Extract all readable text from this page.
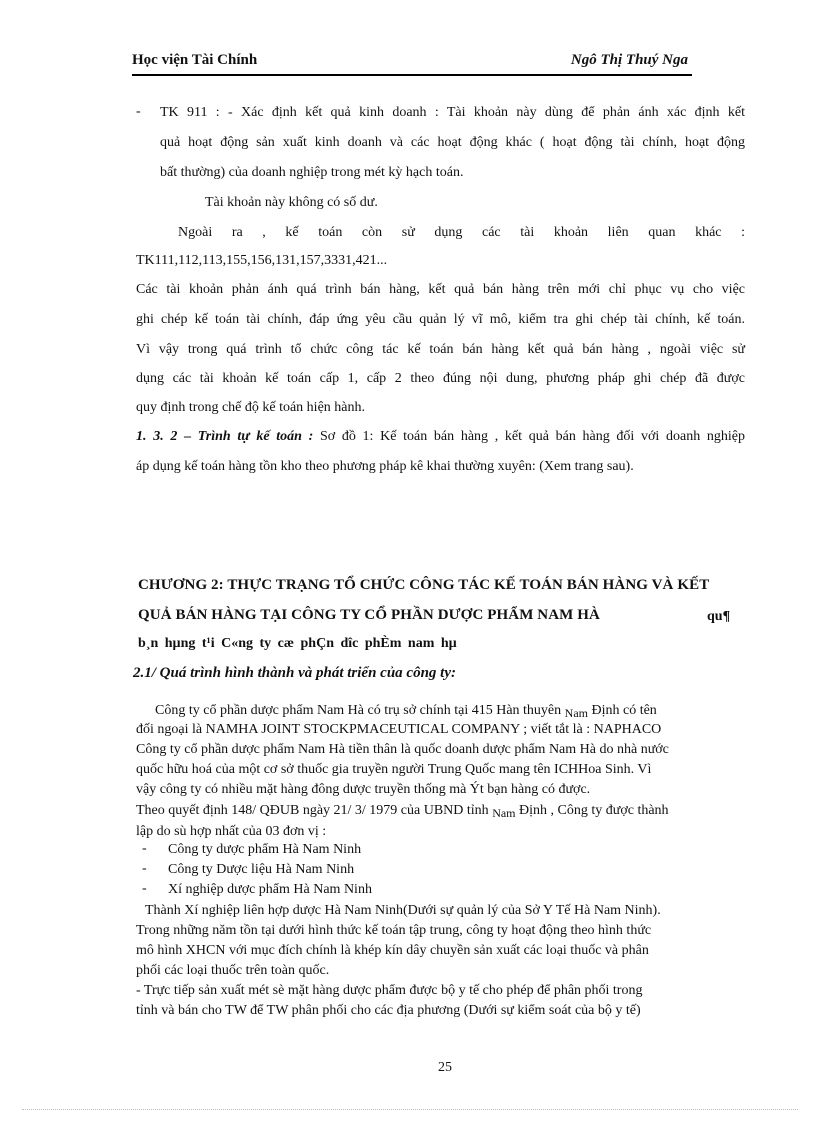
Học viện Tài Chính	Ngô Thị Thuý Nga
- TK 911 : - Xác định kết quả kinh doanh : Tài khoản này dùng để phản ánh xác định kết
quả hoạt động sản xuất kinh doanh và các hoạt động khác ( hoạt động tài chính, hoạt động
bất thường) của doanh nghiệp trong mét kỳ hạch toán.
Tài khoản này không có số dư.
Ngoài ra , kế toán còn sử dụng các tài khoản liên quan khác :
TK111,112,113,155,156,131,157,3331,421...
Các tài khoản phản ánh quá trình bán hàng, kết quả bán hàng trên mới chỉ phục vụ cho việc
ghi chép kế toán tài chính, đáp ứng yêu cầu quản lý vĩ mô, kiểm tra ghi chép tài chính, kế toán.
Vì vậy trong quá trình tổ chức công tác kế toán bán hàng kết quả bán hàng , ngoài việc sử
dụng các tài khoản kế toán cấp 1, cấp 2 theo đúng nội dung, phương pháp ghi chép đã được
quy định trong chế độ kế toán hiện hành.
1. 3. 2 – Trình tự kế toán : Sơ đồ 1: Kế toán bán hàng , kết quả bán hàng đối với doanh nghiệp
áp dụng kế toán hàng tồn kho theo phương pháp kê khai thường xuyên: (Xem trang sau).
CHƯƠNG 2: THỰC TRẠNG TỔ CHỨC CÔNG TÁC KẾ TOÁN BÁN HÀNG VÀ KẾT
QUẢ BÁN HÀNG TẠI CÔNG TY CỔ PHẦN DƯỢC PHẨM NAM HÀ	qu¶
b¸n hµng t¹i C«ng ty cæ phÇn dîc phÈm nam hµ
2.1/ Quá trình hình thành và phát triển của công ty:
Công ty cổ phần dược phẩm Nam Hà có trụ sở chính tại 415 Hàn thuyên Nam Định có tên
đối ngoại là NAMHA JOINT STOCKPMACEUTICAL COMPANY ; viết tắt là : NAPHACO
Công ty cổ phần dược phẩm Nam Hà tiền thân là quốc doanh dược phẩm Nam Hà do nhà nước
quốc hữu hoá của một cơ sở thuốc gia truyền người Trung Quốc mang tên ICHHoa Sinh. Vì
vậy công ty có nhiều mặt hàng đông dược truyền thống mà Ýt bạn hàng có được.
Theo quyết định 148/ QĐUB ngày 21/ 3/ 1979 của UBND tỉnh Nam Định , Công ty được thành
lập do sù hợp nhất của 03 đơn vị :
- Công ty dược phẩm Hà Nam Ninh
- Công ty Dược liệu Hà Nam Ninh
- Xí nghiệp dược phẩm Hà Nam Ninh
Thành Xí nghiệp liên hợp dược Hà Nam Ninh(Dưới sự quản lý của Sở Y Tế Hà Nam Ninh).
Trong những năm tồn tại dưới hình thức kế toán tập trung, công ty hoạt động theo hình thức
mô hình XHCN với mục đích chính là khép kín dây chuyền sản xuất các loại thuốc và phân
phối các loại thuốc trên toàn quốc.
- Trực tiếp sản xuất mét sè mặt hàng dược phẩm được bộ y tế cho phép để phân phối trong
tỉnh và bán cho TW để TW phân phối cho các địa phương (Dưới sự kiểm soát của bộ y tế)
25
